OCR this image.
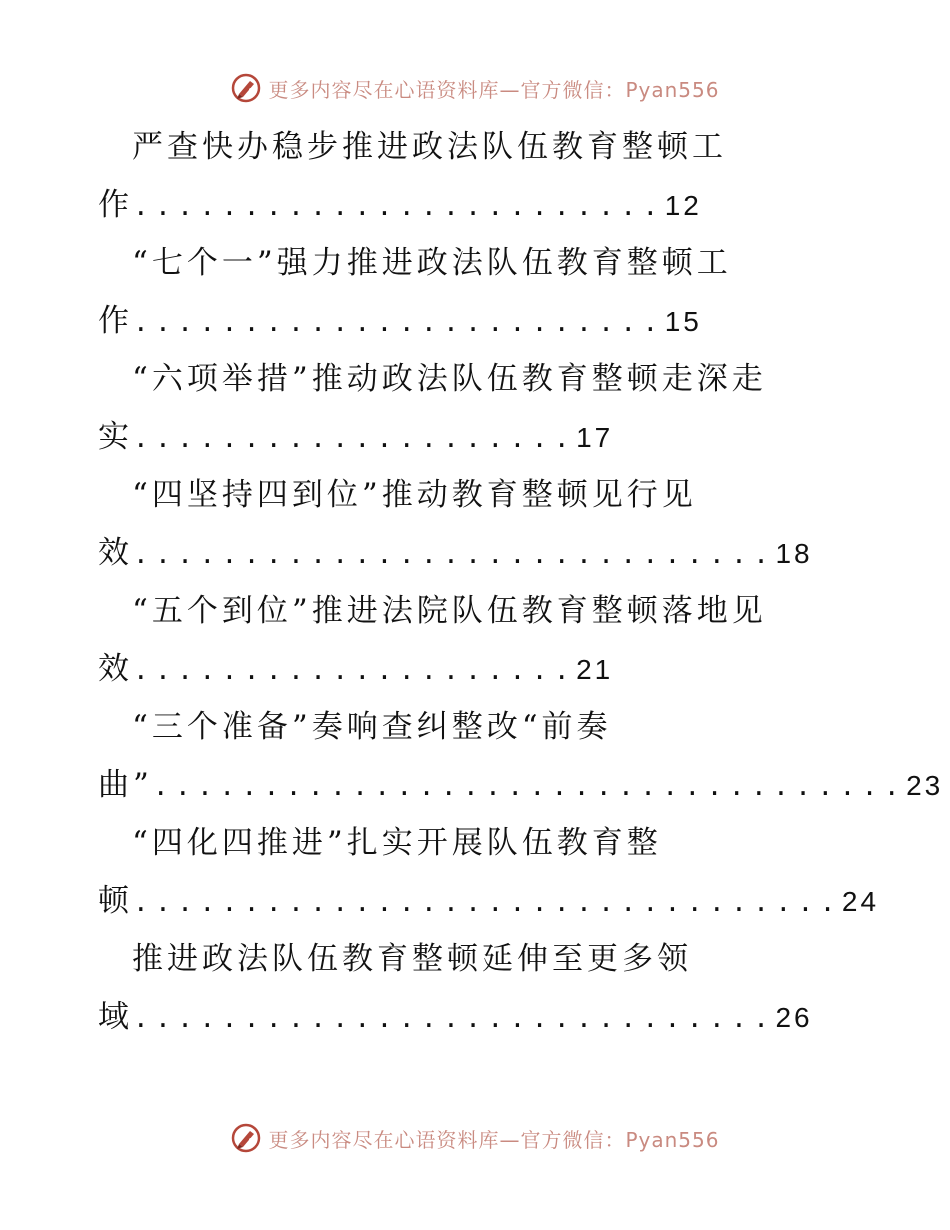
更多内容尽在心语资料库—官方微信：Pyan556
严查快办稳步推进政法队伍教育整顿工
作........................12
“七个一”强力推进政法队伍教育整顿工
作........................15
“六项举措”推动政法队伍教育整顿走深走
实....................17
“四坚持四到位”推动教育整顿见行见
效.............................18
“五个到位”推进法院队伍教育整顿落地见
效....................21
“三个准备”奏响查纠整改“前奏
曲”..................................23
“四化四推进”扎实开展队伍教育整
顿................................24
推进政法队伍教育整顿延伸至更多领
域.............................26
更多内容尽在心语资料库—官方微信：Pyan556
